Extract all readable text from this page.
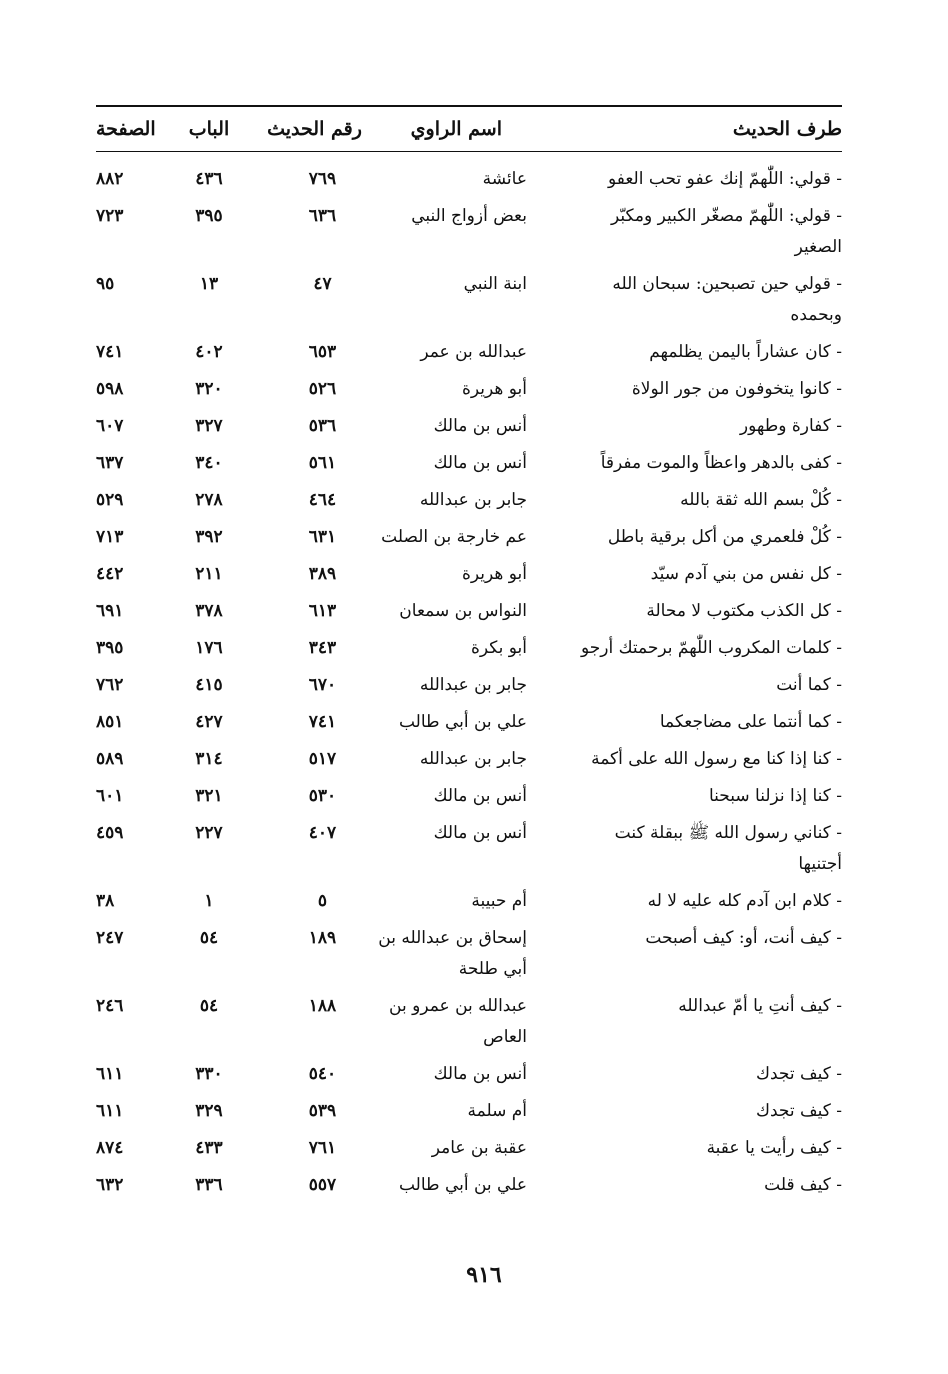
طرف الحديث	اسم الراوي	رقم الحديث	الباب	الصفحة
- قولي: اللّٰهمّ إنك عفو تحب العفو	عائشة	٧٦٩	٤٣٦	٨٨٢
- قولي: اللّٰهمّ مصغّر الكبير ومكبّر الصغير	بعض أزواج النبي	٦٣٦	٣٩٥	٧٢٣
- قولي حين تصبحين: سبحان الله وبحمده	ابنة النبي	٤٧	١٣	٩٥
- كان عشاراً باليمن يظلمهم	عبدالله بن عمر	٦٥٣	٤٠٢	٧٤١
- كانوا يتخوفون من جور الولاة	أبو هريرة	٥٢٦	٣٢٠	٥٩٨
- كفارة وطهور	أنس بن مالك	٥٣٦	٣٢٧	٦٠٧
- كفى بالدهر واعظاً والموت مفرقاً	أنس بن مالك	٥٦١	٣٤٠	٦٣٧
- كُلْ بسم الله ثقة بالله	جابر بن عبدالله	٤٦٤	٢٧٨	٥٢٩
- كُلْ فلعمري من أكل برقية باطل	عم خارجة بن الصلت	٦٣١	٣٩٢	٧١٣
- كل نفس من بني آدم سيّد	أبو هريرة	٣٨٩	٢١١	٤٤٢
- كل الكذب مكتوب لا محالة	النواس بن سمعان	٦١٣	٣٧٨	٦٩١
- كلمات المكروب اللّٰهمّ برحمتك أرجو	أبو بكرة	٣٤٣	١٧٦	٣٩٥
- كما أنت	جابر بن عبدالله	٦٧٠	٤١٥	٧٦٢
- كما أنتما على مضاجعكما	علي بن أبي طالب	٧٤١	٤٢٧	٨٥١
- كنا إذا كنا مع رسول الله على أكمة	جابر بن عبدالله	٥١٧	٣١٤	٥٨٩
- كنا إذا نزلنا سبحنا	أنس بن مالك	٥٣٠	٣٢١	٦٠١
- كناني رسول الله ﷺ ببقلة كنت أجتنيها	أنس بن مالك	٤٠٧	٢٢٧	٤٥٩
- كلام ابن آدم كله عليه لا له	أم حبيبة	٥	١	٣٨
- كيف أنت، أو: كيف أصبحت	إسحاق بن عبدالله بن أبي طلحة	١٨٩	٥٤	٢٤٧
- كيف أنتِ يا أمّ عبدالله	عبدالله بن عمرو بن العاص	١٨٨	٥٤	٢٤٦
- كيف تجدك	أنس بن مالك	٥٤٠	٣٣٠	٦١١
- كيف تجدك	أم سلمة	٥٣٩	٣٢٩	٦١١
- كيف رأيت يا عقبة	عقبة بن عامر	٧٦١	٤٣٣	٨٧٤
- كيف قلت	علي بن أبي طالب	٥٥٧	٣٣٦	٦٣٢
٩١٦
